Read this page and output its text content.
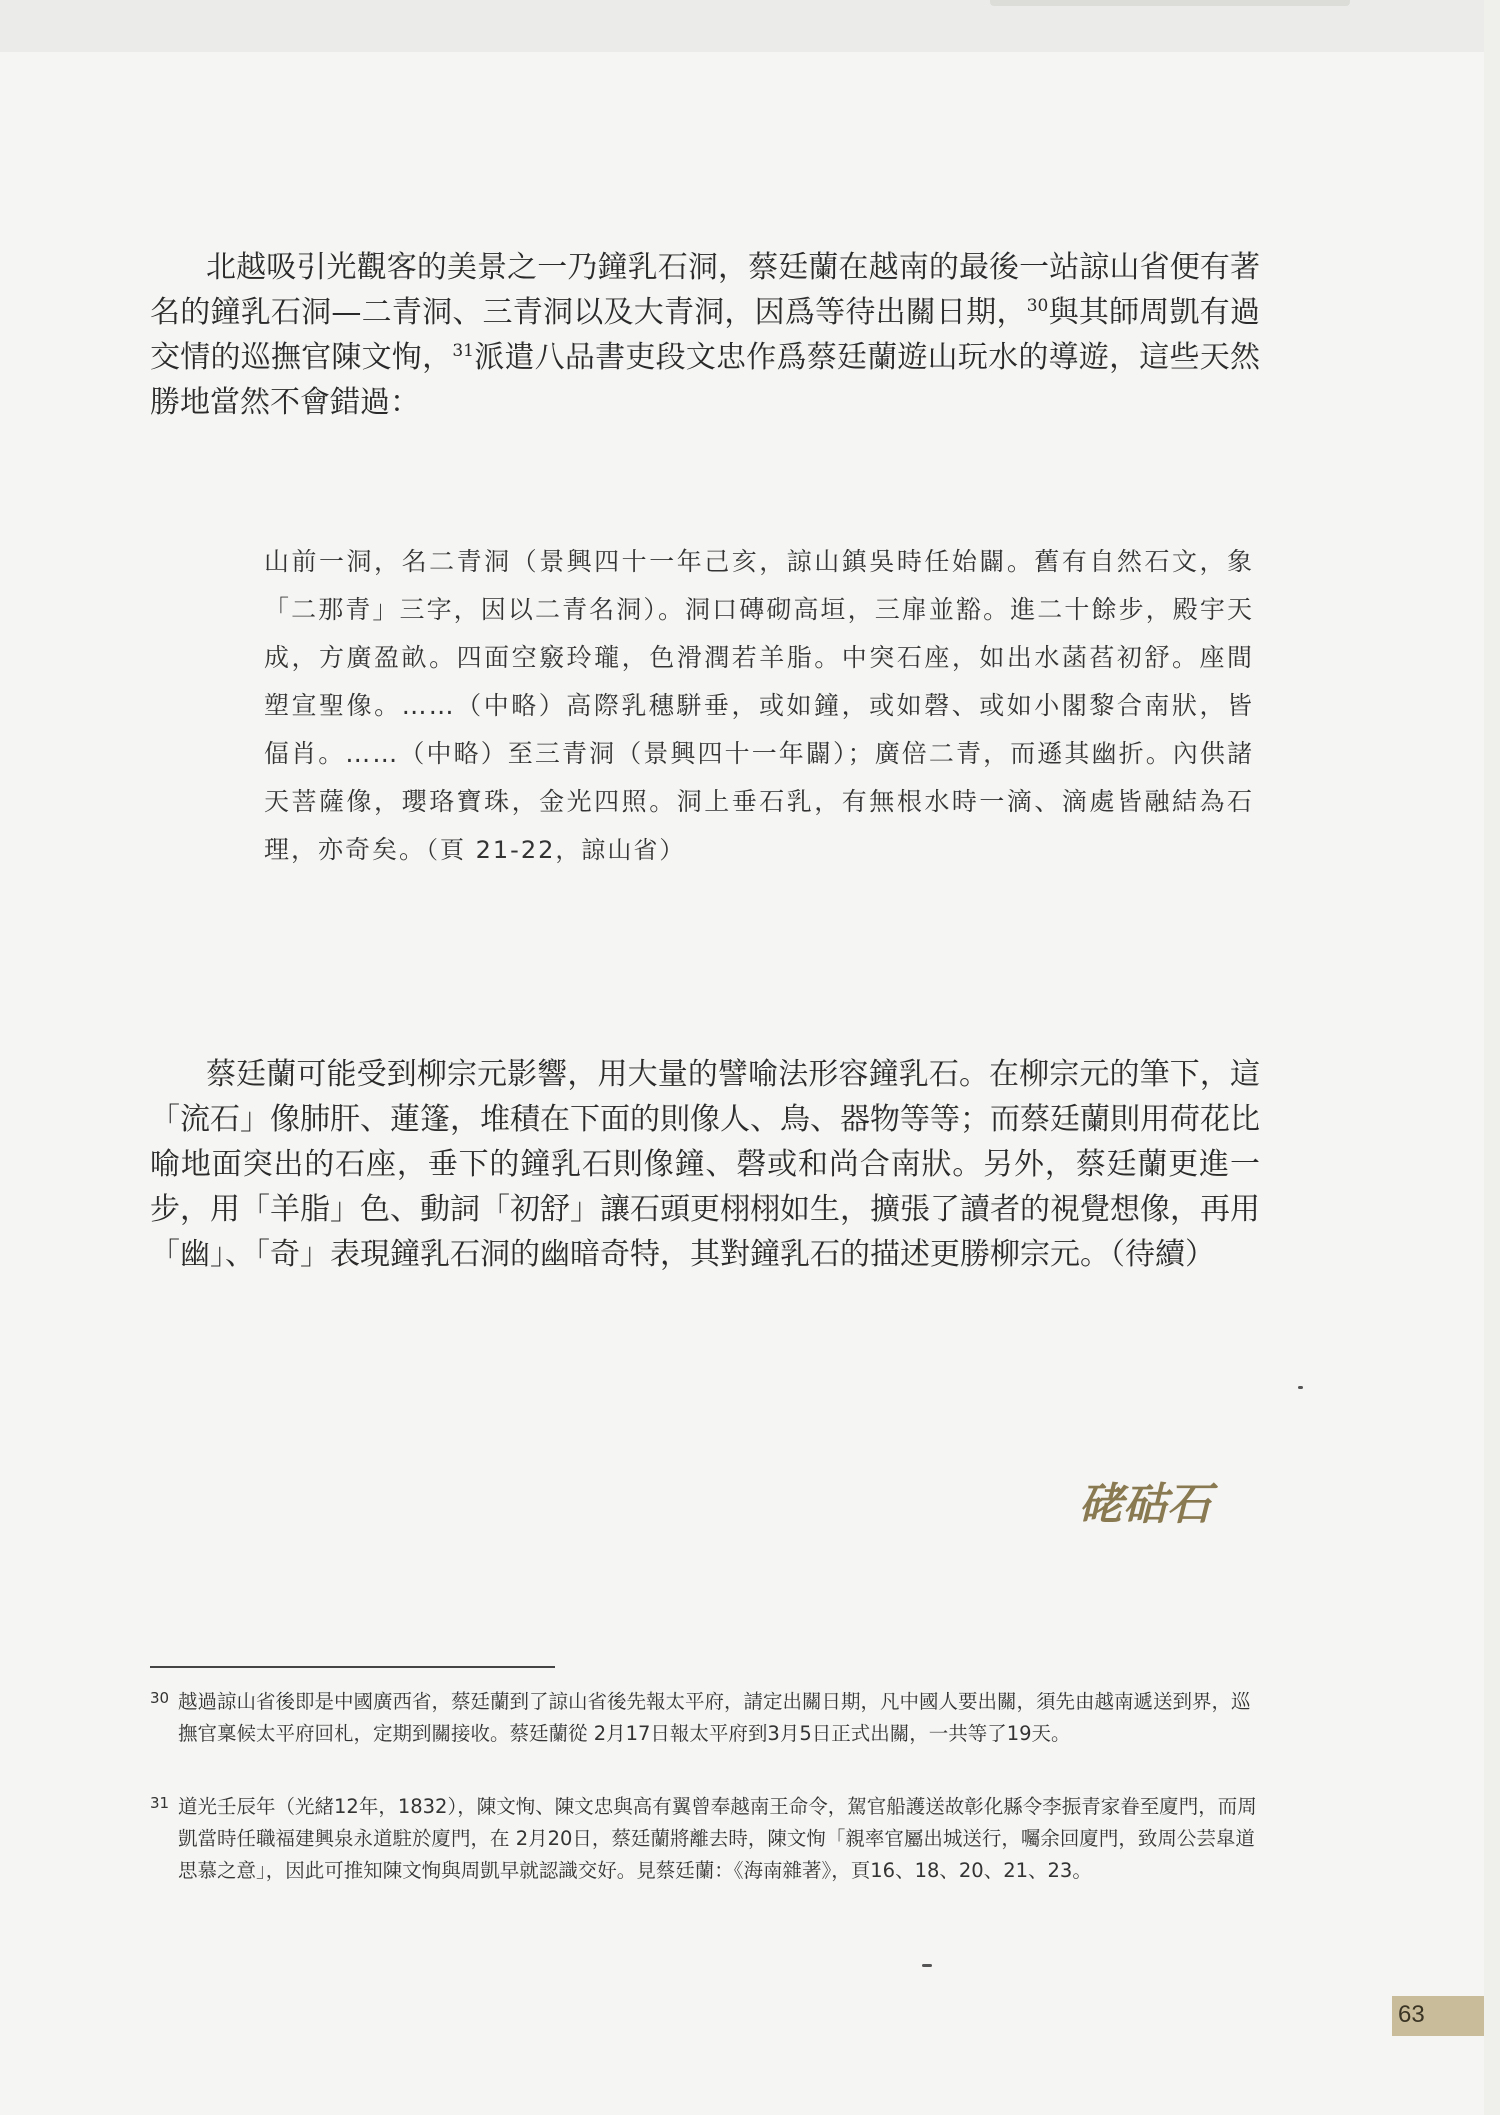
北越吸引光觀客的美景之一乃鐘乳石洞，蔡廷蘭在越南的最後一站諒山省便有著名的鐘乳石洞—二青洞、三青洞以及大青洞，因爲等待出關日期，$^{30}$與其師周凱有過交情的巡撫官陳文恂，$^{31}$派遣八品書吏段文忠作爲蔡廷蘭遊山玩水的導遊，這些天然勝地當然不會錯過：

山前一洞，名二青洞（景興四十一年己亥，諒山鎮吳時任始闢。舊有自然石文，象「二那青」三字，因以二青名洞）。洞口磚砌高垣，三扉並豁。進二十餘步，殿宇天成，方廣盈畝。四面空竅玲瓏，色滑潤若羊脂。中突石座，如出水菡萏初舒。座間塑宣聖像。……（中略）高際乳穗駢垂，或如鐘，或如磬、或如小閣黎合南狀，皆偪肖。……（中略）至三青洞（景興四十一年闢）；廣倍二青，而遜其幽折。內供諸天菩薩像，瓔珞寶珠，金光四照。洞上垂石乳，有無根水時一滴、滴處皆融結為石理，亦奇矣。（頁 21-22，諒山省）

蔡廷蘭可能受到柳宗元影響，用大量的譬喻法形容鐘乳石。在柳宗元的筆下，這「流石」像肺肝、蓮篷，堆積在下面的則像人、鳥、器物等等；而蔡廷蘭則用荷花比喻地面突出的石座，垂下的鐘乳石則像鐘、磬或和尚合南狀。另外，蔡廷蘭更進一步，用「羊脂」色、動詞「初舒」讓石頭更栩栩如生，擴張了讀者的視覺想像，再用「幽」、「奇」表現鐘乳石洞的幽暗奇特，其對鐘乳石的描述更勝柳宗元。（待續）

硓𥑮石
30 越過諒山省後即是中國廣西省，蔡廷蘭到了諒山省後先報太平府，請定出關日期，凡中國人要出關，須先由越南遞送到界，巡撫官稟候太平府回札，定期到關接收。蔡廷蘭從 2月17日報太平府到3月5日正式出關，一共等了19天。
31 道光壬辰年（光緒12年，1832），陳文恂、陳文忠與高有翼曾奉越南王命令，駕官船護送故彰化縣令李振青家眷至廈門，而周凱當時任職福建興泉永道駐於廈門，在 2月20日，蔡廷蘭將離去時，陳文恂「親率官屬出城送行，囑余回廈門，致周公芸皐道思慕之意」，因此可推知陳文恂與周凱早就認識交好。見蔡廷蘭：《海南雜著》，頁16、18、20、21、23。
63
